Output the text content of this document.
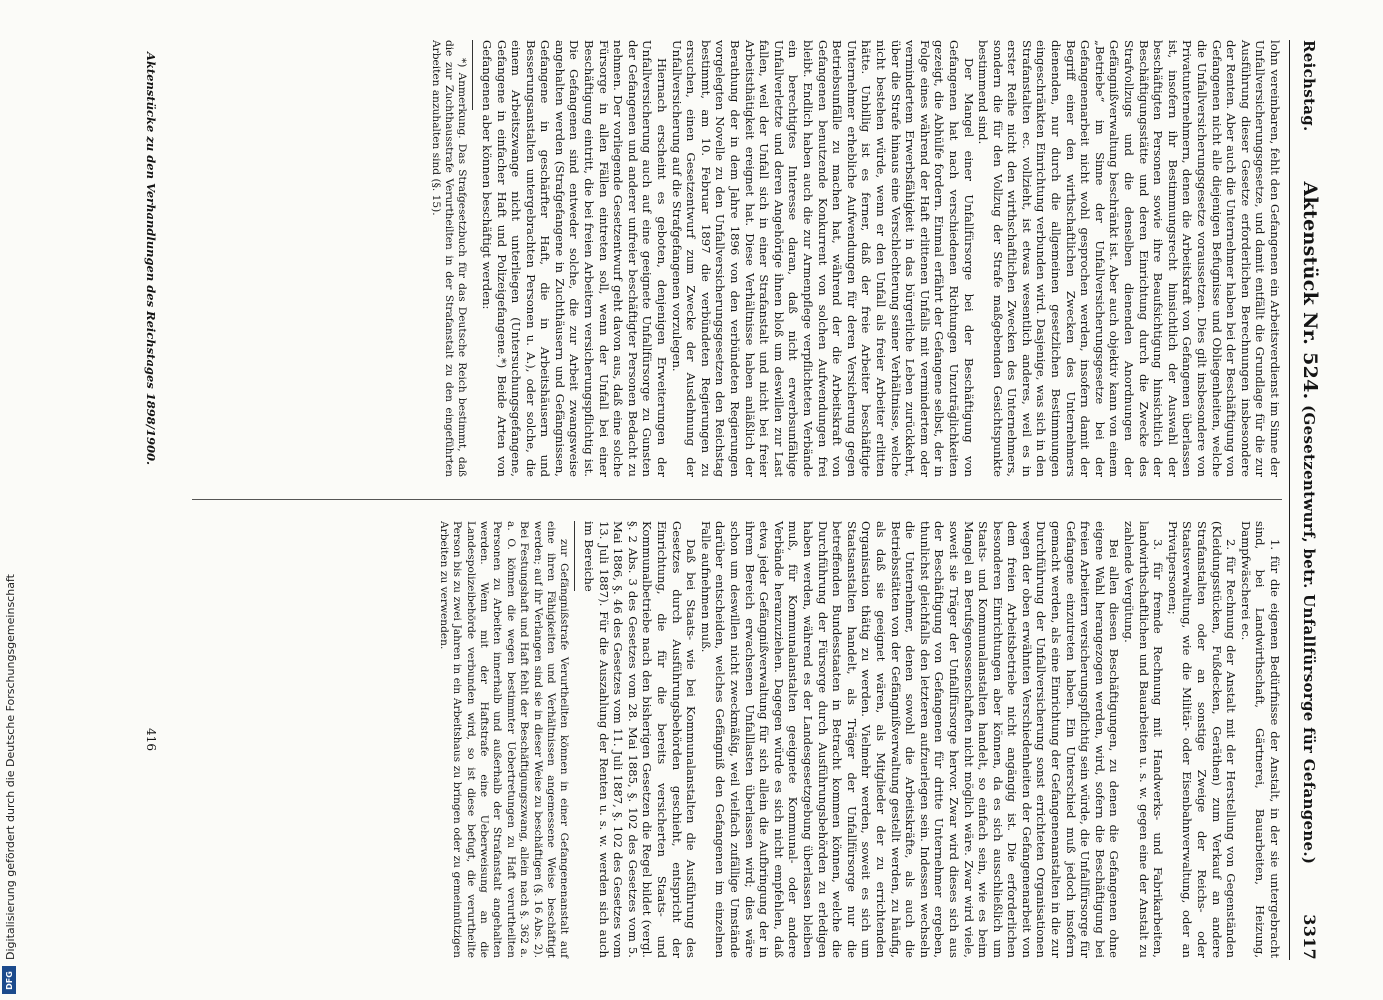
Reichstag.
Aktenstück Nr. 524. (Gesetzentwurf, betr. Unfallfürsorge für Gefangene.)
3317

lohn vereinbaren, fehlt den Gefangenen ein Arbeitsverdienst im Sinne der Unfallversicherungsgesetze, und damit entfällt die Grundlage für die zur Ausführung dieser Gesetze erforderlichen Berechnungen insbesondere der Renten. Aber auch die Unternehmer haben bei der Beschäftigung von Gefangenen nicht alle diejenigen Befugnisse und Obliegenheiten, welche die Unfallversicherungsgesetze voraussetzen. Dies gilt insbesondere von Privatunternehmern, denen die Arbeitskraft von Gefangenen überlassen ist, insofern ihr Bestimmungsrecht hinsichtlich der Auswahl der beschäftigten Personen sowie ihre Beaufsichtigung hinsichtlich der Beschäftigungsstätte und deren Einrichtung durch die Zwecke des Strafvollzugs und die denselben dienenden Anordnungen der Gefängnißverwaltung beschränkt ist. Aber auch objektiv kann von einem „Betriebe“ im Sinne der Unfallversicherungsgesetze bei der Gefangenenarbeit nicht wohl gesprochen werden, insofern damit der Begriff einer den wirthschaftlichen Zwecken des Unternehmers dienenden, nur durch die allgemeinen gesetzlichen Bestimmungen eingeschränkten Einrichtung verbunden wird. Dasjenige, was sich in den Strafanstalten ec. vollzieht, ist etwas wesentlich anderes, weil es in erster Reihe nicht den wirthschaftlichen Zwecken des Unternehmers, sondern die für den Vollzug der Strafe maßgebenden Gesichtspunkte bestimmend sind.

Der Mangel einer Unfallfürsorge bei der Beschäftigung von Gefangenen hat nach verschiedenen Richtungen Unzuträglichkeiten gezeigt, die Abhülfe fordern. Einmal erfährt der Gefangene selbst, der in Folge eines während der Haft erlittenen Unfalls mit vermindertem oder vermindertem Erwerbsfähigkeit in das bürgerliche Leben zurückkehrt, über die Strafe hinaus eine Verschlechterung seiner Verhältnisse, welche nicht bestehen würde, wenn er den Unfall als freier Arbeiter erlitten hätte. Unbillig ist es ferner, daß der freie Arbeiter beschäftigte Unternehmer erhebliche Aufwendungen für deren Versicherung gegen Betriebsunfälle zu machen hat, während der die Arbeitskraft von Gefangenen benutzende Konkurrent von solchen Aufwendungen frei bleibt. Endlich haben auch die zur Armenpflege verpflichteten Verbände ein berechtigtes Interesse daran, daß nicht erwerbsunfähige Unfallverletzte und deren Angehörige ihnen bloß um deswillen zur Last fallen, weil der Unfall sich in einer Strafanstalt und nicht bei freier Arbeitsthätigkeit ereignet hat. Diese Verhältnisse haben anläßlich der Berathung der in dem Jahre 1896 von den verbündeten Regierungen vorgelegten Novelle zu den Unfallversicherungsgesetzen den Reichstag bestimmt, am 10. Februar 1897 die verbündeten Regierungen zu ersuchen, einen Gesetzentwurf zum Zwecke der Ausdehnung der Unfallversicherung auf die Strafgefangenen vorzulegen.

Hiernach erscheint es geboten, denjenigen Erweiterungen der Unfallversicherung auch auf eine geeignete Unfallfürsorge zu Gunsten der Gefangenen und anderer unfreier beschäftigter Personen Bedacht zu nehmen. Der vorliegende Gesetzentwurf geht davon aus, daß eine solche Fürsorge in allen Fällen eintreten soll, wenn der Unfall bei einer Beschäftigung eintritt, die bei freien Arbeitern versicherungspflichtig ist. Die Gefangenen sind entweder solche, die zur Arbeit zwangsweise angehalten werden (Strafgefangene in Zuchthäusern und Gefängnissen, Gefangene in geschärfter Haft, die in Arbeitshäusern und Besserungsanstalten untergebrachten Personen u. A.), oder solche, die einem Arbeitszwange nicht unterliegen (Untersuchungsgefangene, Gefangene in einfacher Haft und Polizeigefangene.*) Beide Arten von Gefangenen aber können beschäftigt werden:

*) Anmerkung. Das Strafgesetzbuch für das Deutsche Reich bestimmt, daß die zur Zuchthausstrafe Verurtheilten in der Strafanstalt zu den eingeführten Arbeiten anzuhalten sind (§. 15).

1. für die eigenen Bedürfnisse der Anstalt, in der sie untergebracht sind, bei Landwirthschaft, Gärtnerei, Bauarbeiten, Heizung, Dampfwäscherei ec.

2. für Rechnung der Anstalt mit der Herstellung von Gegenständen (Kleidungsstücken, Fußdecken, Geräthen) zum Verkauf an andere Strafanstalten oder an sonstige Zweige der Reichs- oder Staatsverwaltung, wie die Militär- oder Eisenbahnverwaltung, oder an Privatpersonen;

3. für fremde Rechnung mit Handwerks- und Fabrikarbeiten, landwirthschaftlichen und Bauarbeiten u. s. w. gegen eine der Anstalt zu zahlende Vergütung.

Bei allen diesen Beschäftigungen, zu denen die Gefangenen ohne eigene Wahl herangezogen werden, wird, sofern die Beschäftigung bei freien Arbeitern versicherungspflichtig sein würde, die Unfallfürsorge für Gefangene einzutreten haben. Ein Unterschied muß jedoch insofern gemacht werden, als eine Einrichtung der Gefangenenanstalten in die zur Durchführung der Unfallversicherung sonst errichteten Organisationen wegen der oben erwähnten Verschiedenheiten der Gefangenenarbeit von dem freien Arbeitsbetriebe nicht angängig ist. Die erforderlichen besonderen Einrichtungen aber können, da es sich ausschließlich um Staats- und Kommunalanstalten handelt, so einfach sein, wie es beim Mangel an Berufsgenossenschaften nicht möglich wäre. Zwar wird viele, soweit sie Träger der Unfallfürsorge hervor. Zwar wird dieses sich aus der Beschäftigung von Gefangenen für dritte Unternehmer ergeben, thunlichst gleichfalls den letzteren aufzuerlegen sein. Indessen wechseln die Unternehmer, denen sowohl die Arbeitskräfte, als auch die Betriebsstätten von der Gefängnißverwaltung gestellt werden, zu häufig, als daß sie geeignet wären, als Mitglieder der zu errichtenden Organisation thätig zu werden. Vielmehr werden, soweit es sich um Staatsanstalten handelt, als Träger der Unfallfürsorge nur die betreffenden Bundesstaaten in Betracht kommen können, welche die Durchführung der Fürsorge durch Ausführungsbehörden zu erledigen haben werden, während es der Landesgesetzgebung überlassen bleiben muß, für Kommunalanstalten geeignete Kommunal- oder andere Verbände heranzuziehen. Dagegen würde es sich nicht empfehlen, daß etwa jeder Gefängnißverwaltung für sich allein die Aufbringung der in ihrem Bereich erwachsenen Unfalllasten überlassen wird; dies wäre schon um deswillen nicht zweckmäßig, weil vielfach zufällige Umstände darüber entscheiden, welches Gefängniß den Gefangenen im einzelnen Falle aufnehmen muß.

Daß bei Staats- wie bei Kommunalanstalten die Ausführung des Gesetzes durch Ausführungsbehörden geschieht, entspricht der Einrichtung, die für die bereits versicherten Staats- und Kommunalbetriebe nach den bisherigen Gesetzen die Regel bildet (vergl. §. 2 Abs. 3 des Gesetzes vom 28. Mai 1885, §. 102 des Gesetzes vom 5. Mai 1886, §. 46 des Gesetzes vom 11. Juli 1887, §. 102 des Gesetzes vom 13. Juli 1887). Für die Auszahlung der Renten u. s. w. werden sich auch im Bereiche

zur Gefängnißstrafe Verurtheilten können in einer Gefangenenanstalt auf eine ihren Fähigkeiten und Verhältnissen angemessene Weise beschäftigt werden; auf ihr Verlangen sind sie in dieser Weise zu beschäftigen (§. 16 Abs. 2). Bei Festungshaft und Haft fehlt der Beschäftigungszwang, allein nach §. 362 a. a. O. können die wegen bestimmter Uebertretungen zu Haft verurtheilten Personen zu Arbeiten innerhalb und außerhalb der Strafanstalt angehalten werden. Wenn mit der Haftstrafe eine Ueberweisung an die Landespolizeibehörde verbunden wird, so ist diese befugt, die verurtheilte Person bis zu zwei Jahren in ein Arbeitshaus zu bringen oder zu gemeinnützigen Arbeiten zu verwenden.

Aktenstücke zu den Verhandlungen des Reichstages 1898/1900.
416
Digitalisierung gefördert durch die Deutsche Forschungsgemeinschaft
DFG
